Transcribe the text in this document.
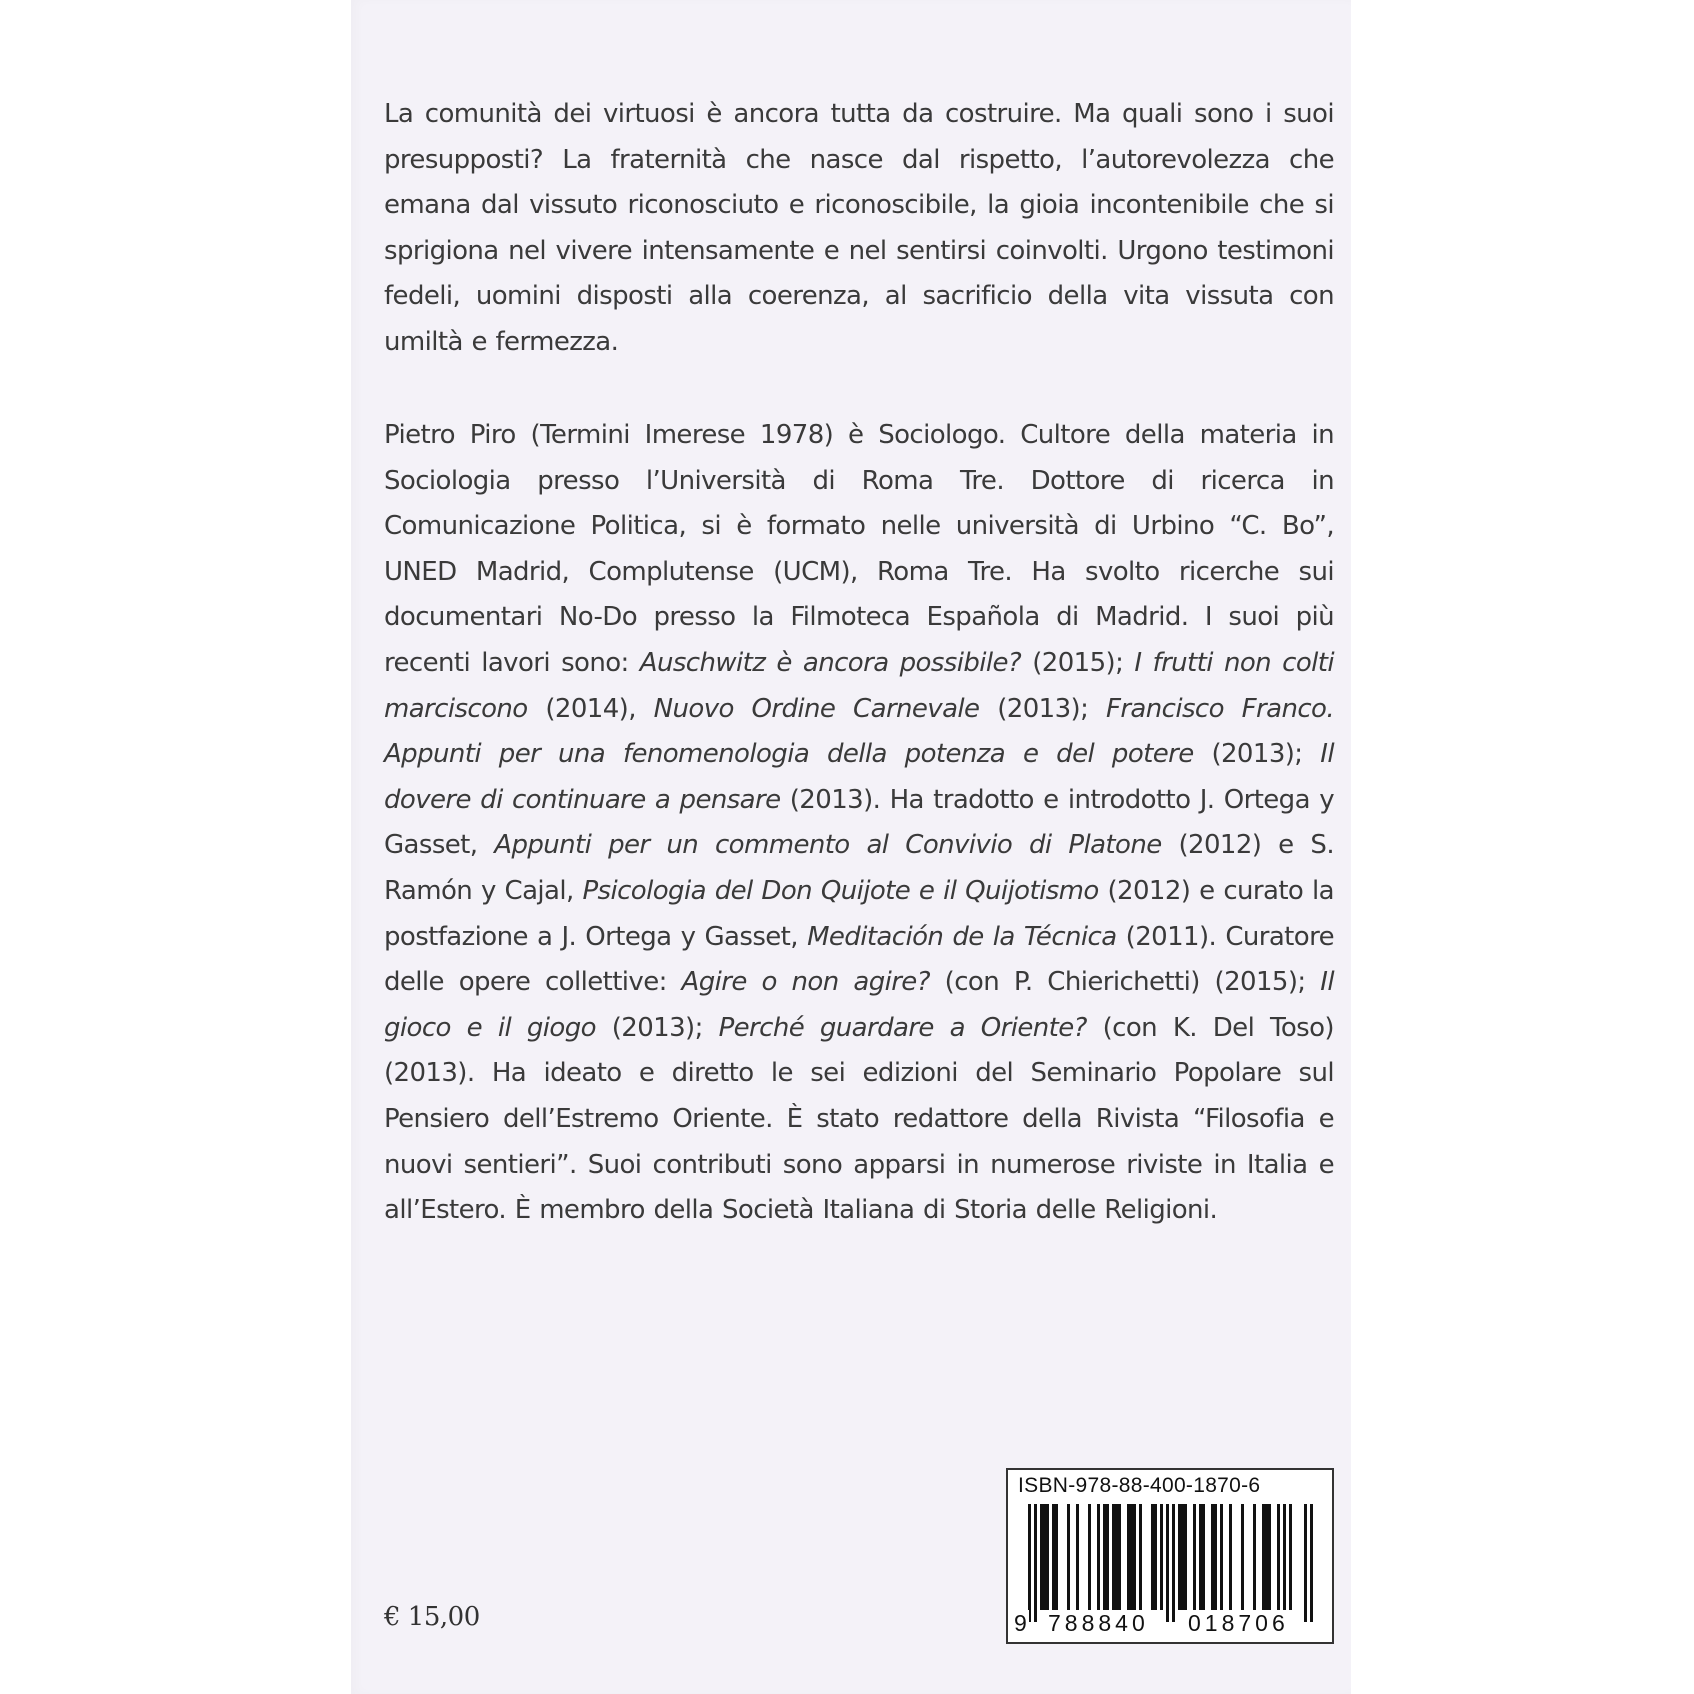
La comunità dei virtuosi è ancora tutta da costruire. Ma quali sono i suoi presupposti? La fraternità che nasce dal rispetto, l’autorevolezza che emana dal vissuto riconosciuto e riconoscibile, la gioia incontenibile che si sprigiona nel vivere intensamente e nel sentirsi coinvolti. Urgono testimoni fedeli, uomini disposti alla coerenza, al sacrificio della vita vissuta con umiltà e fermezza.

Pietro Piro (Termini Imerese 1978) è Sociologo. Cultore della materia in Sociologia presso l’Università di Roma Tre. Dottore di ricerca in Comunicazione Politica, si è formato nelle università di Urbino “C. Bo”, UNED Madrid, Complutense (UCM), Roma Tre. Ha svolto ricerche sui documentari No-Do presso la Filmoteca Española di Madrid. I suoi più recenti lavori sono: Auschwitz è ancora possibile? (2015); I frutti non colti marciscono (2014), Nuovo Ordine Carnevale (2013); Francisco Franco. Appunti per una fenomenologia della potenza e del potere (2013); Il dovere di continuare a pensare (2013). Ha tradotto e introdotto J. Ortega y Gasset, Appunti per un commento al Convivio di Platone (2012) e S. Ramón y Cajal, Psicologia del Don Quijote e il Quijotismo (2012) e curato la postfazione a J. Ortega y Gasset, Meditación de la Técnica (2011). Curatore delle opere collettive: Agire o non agire? (con P. Chierichetti) (2015); Il gioco e il giogo (2013); Perché guardare a Oriente? (con K. Del Toso) (2013). Ha ideato e diretto le sei edizioni del Seminario Popolare sul Pensiero dell’Estremo Oriente. È stato redattore della Rivista “Filosofia e nuovi sentieri”. Suoi contributi sono apparsi in numerose riviste in Italia e all’Estero. È membro della Società Italiana di Storia delle Religioni.

€ 15,00
ISBN-978-88-400-1870-6
9 788840 018706
